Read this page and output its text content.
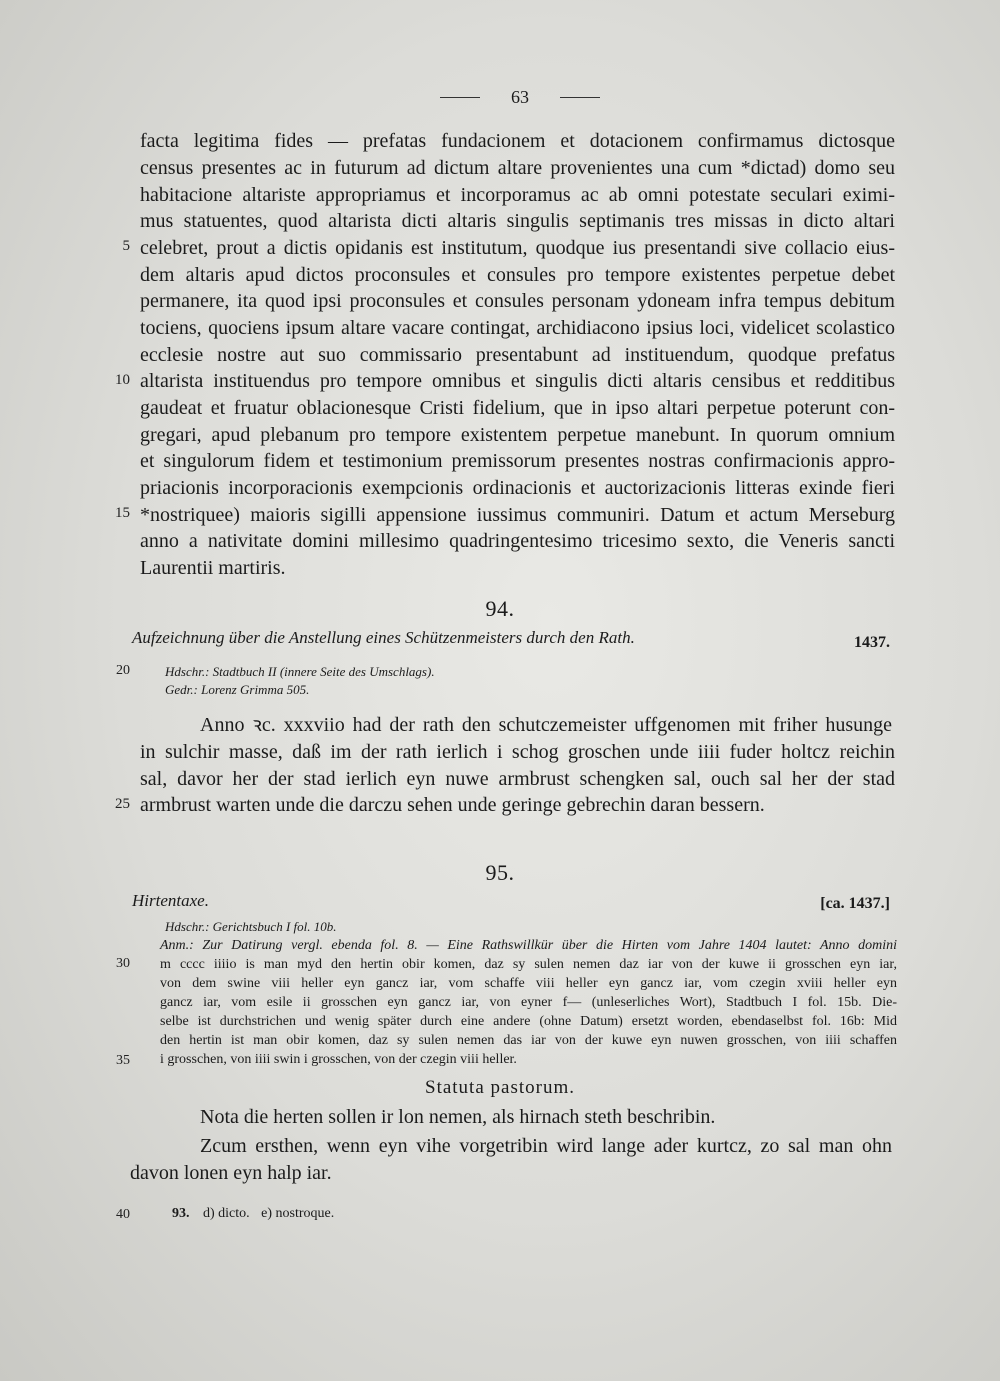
63
facta legitima fides — prefatas fundacionem et dotacionem confirmamus dictosque
census presentes ac in futurum ad dictum altare provenientes una cum *dictad) domo seu
habitacione altariste appropriamus et incorporamus ac ab omni potestate seculari eximi-
mus statuentes, quod altarista dicti altaris singulis septimanis tres missas in dicto altari
5 celebret, prout a dictis opidanis est institutum, quodque ius presentandi sive collacio eius-
dem altaris apud dictos proconsules et consules pro tempore existentes perpetue debet
permanere, ita quod ipsi proconsules et consules personam ydoneam infra tempus debitum
tociens, quociens ipsum altare vacare contingat, archidiacono ipsius loci, videlicet scolastico
ecclesie nostre aut suo commissario presentabunt ad instituendum, quodque prefatus
10 altarista instituendus pro tempore omnibus et singulis dicti altaris censibus et redditibus
gaudeat et fruatur oblacionesque Cristi fidelium, que in ipso altari perpetue poterunt con-
gregari, apud plebanum pro tempore existentem perpetue manebunt. In quorum omnium
et singulorum fidem et testimonium premissorum presentes nostras confirmacionis appro-
priacionis incorporacionis exempcionis ordinacionis et auctorizacionis litteras exinde fieri
15 *nostriquee) maioris sigilli appensione iussimus communiri. Datum et actum Merseburg
anno a nativitate domini millesimo quadringentesimo tricesimo sexto, die Veneris sancti
Laurentii martiris.
94.
Aufzeichnung über die Anstellung eines Schützenmeisters durch den Rath.	1437.
20	Hdschr.: Stadtbuch II (innere Seite des Umschlags).
Gedr.: Lorenz Grimma 505.
Anno ꝛc. xxxviio had der rath den schutczemeister uffgenomen mit friher husunge
in sulchir masse, daß im der rath ierlich i schog groschen unde iiii fuder holtcz reichin
sal, davor her der stad ierlich eyn nuwe armbrust schengken sal, ouch sal her der stad
25 armbrust warten unde die darczu sehen unde geringe gebrechin daran bessern.
95.
Hirtentaxe.	[ca. 1437.]
Hdschr.: Gerichtsbuch I fol. 10b.
Anm.: Zur Datirung vergl. ebenda fol. 8. — Eine Rathswillkür über die Hirten vom Jahre 1404 lautet: Anno domini
30 m cccc iiiio is man myd den hertin obir komen, daz sy sulen nemen daz iar von der kuwe ii grosschen eyn iar,
von dem swine viii heller eyn gancz iar, vom schaffe viii heller eyn gancz iar, vom czegin xviii heller eyn
gancz iar, vom esile ii grosschen eyn gancz iar, von eyner f— (unleserliches Wort), Stadtbuch I fol. 15b. Die-
selbe ist durchstrichen und wenig später durch eine andere (ohne Datum) ersetzt worden, ebendaselbst fol. 16b: Mid
den hertin ist man obir komen, daz sy sulen nemen das iar von der kuwe eyn nuwen grosschen, von iiii schaffen
35 i grosschen, von iiii swin i grosschen, von der czegin viii heller.
Statuta pastorum.
Nota die herten sollen ir lon nemen, als hirnach steth beschribin.
Zcum ersthen, wenn eyn vihe vorgetribin wird lange ader kurtcz, zo sal man ohn
davon lonen eyn halp iar.
40	93. d) dicto. e) nostroque.
